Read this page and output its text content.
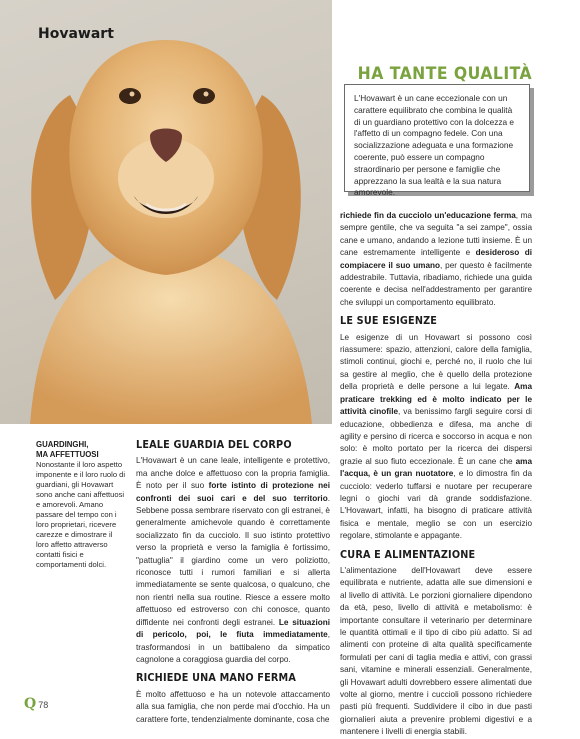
Hovawart
HA TANTE QUALITÀ
L'Hovawart è un cane eccezionale con un carattere equilibrato che combina le qualità di un guardiano protettivo con la dolcezza e l'affetto di un compagno fedele. Con una socializzazione adeguata e una formazione coerente, può essere un compagno straordinario per persone e famiglie che apprezzano la sua lealtà e la sua natura amorevole.
GUARDINGHI,
MA AFFETTUOSI
Nonostante il loro aspetto imponente e il loro ruolo di guardiani, gli Hovawart sono anche cani affettuosi e amorevoli. Amano passare del tempo con i loro proprietari, ricevere carezze e dimostrare il loro affetto attraverso contatti fisici e comportamenti dolci.
LEALE GUARDIA DEL CORPO

L'Hovawart è un cane leale, intelligente e protettivo, ma anche dolce e affettuoso con la propria famiglia. È noto per il suo forte istinto di protezione nei confronti dei suoi cari e del suo territorio. Sebbene possa sembrare riservato con gli estranei, è generalmente amichevole quando è correttamente socializzato fin da cucciolo. Il suo istinto protettivo verso la proprietà e verso la famiglia è fortissimo, "pattuglia" il giardino come un vero poliziotto, riconosce tutti i rumori familiari e si allerta immediatamente se sente qualcosa, o qualcuno, che non rientri nella sua routine. Riesce a essere molto affettuoso ed estroverso con chi conosce, quanto diffidente nei confronti degli estranei. Le situazioni di pericolo, poi, le fiuta immediatamente, trasformandosi in un battibaleno da simpatico cagnolone a coraggiosa guardia del corpo.

RICHIEDE UNA MANO FERMA

È molto affettuoso e ha un notevole attaccamento alla sua famiglia, che non perde mai d'occhio. Ha un carattere forte, tendenzialmente dominante, cosa che

richiede fin da cucciolo un'educazione ferma, ma sempre gentile, che va seguita "a sei zampe", ossia cane e umano, andando a lezione tutti insieme. È un cane estremamente intelligente e desideroso di compiacere il suo umano, per questo è facilmente addestrabile. Tuttavia, ribadiamo, richiede una guida coerente e decisa nell'addestramento per garantire che sviluppi un comportamento equilibrato.

LE SUE ESIGENZE

Le esigenze di un Hovawart si possono così riassumere: spazio, attenzioni, calore della famiglia, stimoli continui, giochi e, perché no, il ruolo che lui sa gestire al meglio, che è quello della protezione della proprietà e delle persone a lui legate. Ama praticare trekking ed è molto indicato per le attività cinofile, va benissimo fargli seguire corsi di educazione, obbedienza e difesa, ma anche di agility e persino di ricerca e soccorso in acqua e non solo: è molto portato per la ricerca dei dispersi grazie al suo fiuto eccezionale. È un cane che ama l'acqua, è un gran nuotatore, e lo dimostra fin da cucciolo: vederlo tuffarsi e nuotare per recuperare legni o giochi vari dà grande soddisfazione. L'Hovawart, infatti, ha bisogno di praticare attività fisica e mentale, meglio se con un esercizio regolare, stimolante e appagante.

CURA E ALIMENTAZIONE

L'alimentazione dell'Hovawart deve essere equilibrata e nutriente, adatta alle sue dimensioni e al livello di attività. Le porzioni giornaliere dipendono da età, peso, livello di attività e metabolismo: è importante consultare il veterinario per determinare le quantità ottimali e il tipo di cibo più adatto. Si ad alimenti con proteine di alta qualità specificamente formulati per cani di taglia media e attivi, con grassi sani, vitamine e minerali essenziali. Generalmente, gli Hovawart adulti dovrebbero essere alimentati due volte al giorno, mentre i cuccioli possono richiedere pasti più frequenti. Suddividere il cibo in due pasti giornalieri aiuta a prevenire problemi digestivi e a mantenere i livelli di energia stabili.

Q 78
